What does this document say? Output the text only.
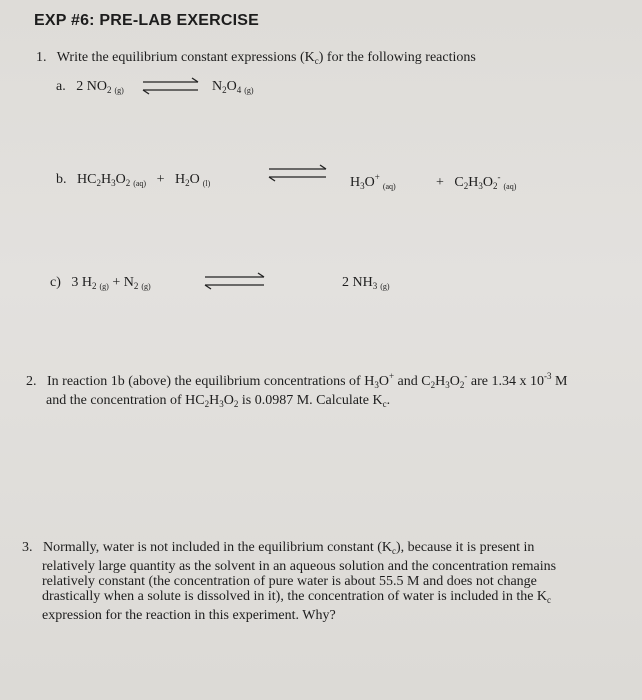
EXP #6: PRE-LAB EXERCISE
1. Write the equilibrium constant expressions $(K_c)$ for the following reactions
a. 2 $NO_2$ $_{(g)}$ ⇌ $N_2O_4$ $_{(g)}$
b. $HC_2H_3O_2$ $_{(aq)} + H_2O$ $_{(l)}$	⇌ $H_3O^+_{(aq)}$	+ $C_2H_3O_2^-_{(aq)}$
c) 3 $H_2$ $_{(g)} + N_2$ $_{(g)}$	2 $NH_3$ $_{(g)}$
2. In reaction 1b (above) the equilibrium concentrations of $H_3O^+$ and $C_2H_3O_2^-$ are 1.34 x $10^{-3}$ M
and the concentration of $HC_2H_3O_2$ is 0.0987 M. Calculate $K_c$.
3. Normally, water is not included in the equilibrium constant $(K_c)$, because it is present in
relatively large quantity as the solvent in an aqueous solution and the concentration remains
relatively constant (the concentration of pure water is about 55.5 M and does not change
drastically when a solute is dissolved in it), the concentration of water is included in the $K_c$
expression for the reaction in this experiment. Why?
